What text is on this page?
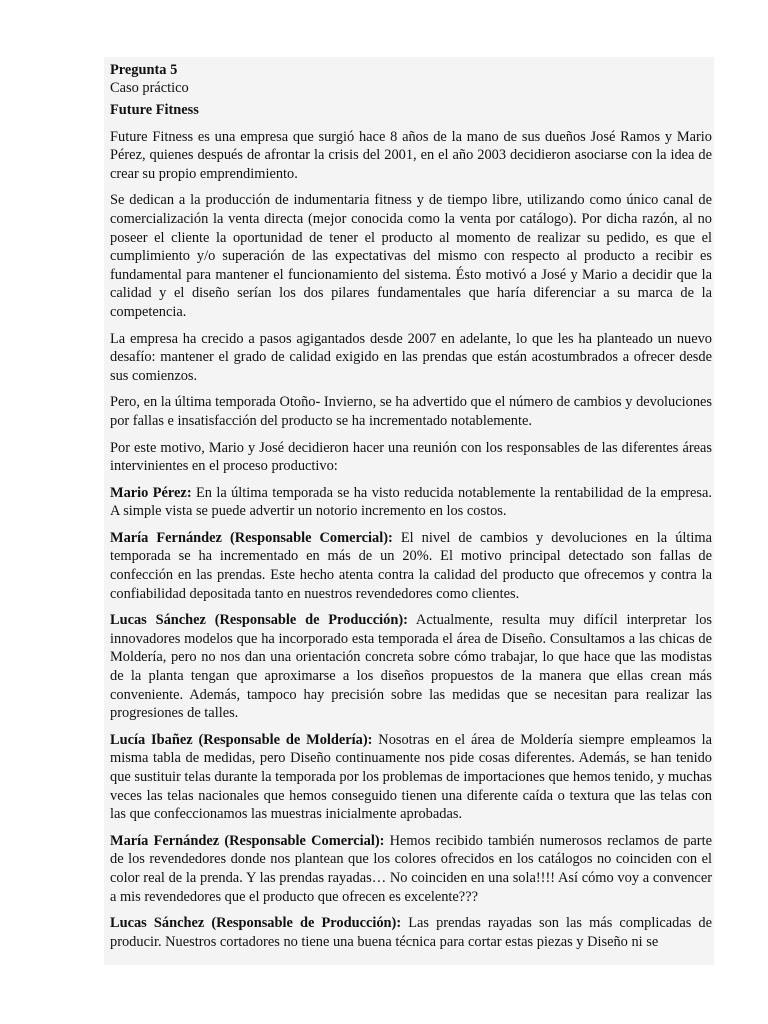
Pregunta 5
Caso práctico
Future Fitness

Future Fitness es una empresa que surgió hace 8 años de la mano de sus dueños José Ramos y Mario Pérez, quienes después de afrontar la crisis del 2001, en el año 2003 decidieron asociarse con la idea de crear su propio emprendimiento.

Se dedican a la producción de indumentaria fitness y de tiempo libre, utilizando como único canal de comercialización la venta directa (mejor conocida como la venta por catálogo). Por dicha razón, al no poseer el cliente la oportunidad de tener el producto al momento de realizar su pedido, es que el cumplimiento y/o superación de las expectativas del mismo con respecto al producto a recibir es fundamental para mantener el funcionamiento del sistema. Ésto motivó a José y Mario a decidir que la calidad y el diseño serían los dos pilares fundamentales que haría diferenciar a su marca de la competencia.

La empresa ha crecido a pasos agigantados desde 2007 en adelante, lo que les ha planteado un nuevo desafío: mantener el grado de calidad exigido en las prendas que están acostumbrados a ofrecer desde sus comienzos.

Pero, en la última temporada Otoño- Invierno, se ha advertido que el número de cambios y devoluciones por fallas e insatisfacción del producto se ha incrementado notablemente.

Por este motivo, Mario y José decidieron hacer una reunión con los responsables de las diferentes áreas intervinientes en el proceso productivo:

Mario Pérez: En la última temporada se ha visto reducida notablemente la rentabilidad de la empresa. A simple vista se puede advertir un notorio incremento en los costos.

María Fernández (Responsable Comercial): El nivel de cambios y devoluciones en la última temporada se ha incrementado en más de un 20%. El motivo principal detectado son fallas de confección en las prendas. Este hecho atenta contra la calidad del producto que ofrecemos y contra la confiabilidad depositada tanto en nuestros revendedores como clientes.

Lucas Sánchez (Responsable de Producción): Actualmente, resulta muy difícil interpretar los innovadores modelos que ha incorporado esta temporada el área de Diseño. Consultamos a las chicas de Moldería, pero no nos dan una orientación concreta sobre cómo trabajar, lo que hace que las modistas de la planta tengan que aproximarse a los diseños propuestos de la manera que ellas crean más conveniente. Además, tampoco hay precisión sobre las medidas que se necesitan para realizar las progresiones de talles.

Lucía Ibañez (Responsable de Moldería): Nosotras en el área de Moldería siempre empleamos la misma tabla de medidas, pero Diseño continuamente nos pide cosas diferentes. Además, se han tenido que sustituir telas durante la temporada por los problemas de importaciones que hemos tenido, y muchas veces las telas nacionales que hemos conseguido tienen una diferente caída o textura que las telas con las que confeccionamos las muestras inicialmente aprobadas.

María Fernández (Responsable Comercial): Hemos recibido también numerosos reclamos de parte de los revendedores donde nos plantean que los colores ofrecidos en los catálogos no coinciden con el color real de la prenda. Y las prendas rayadas… No coinciden en una sola!!!! Así cómo voy a convencer a mis revendedores que el producto que ofrecen es excelente???

Lucas Sánchez (Responsable de Producción): Las prendas rayadas son las más complicadas de producir. Nuestros cortadores no tiene una buena técnica para cortar estas piezas y Diseño ni se
